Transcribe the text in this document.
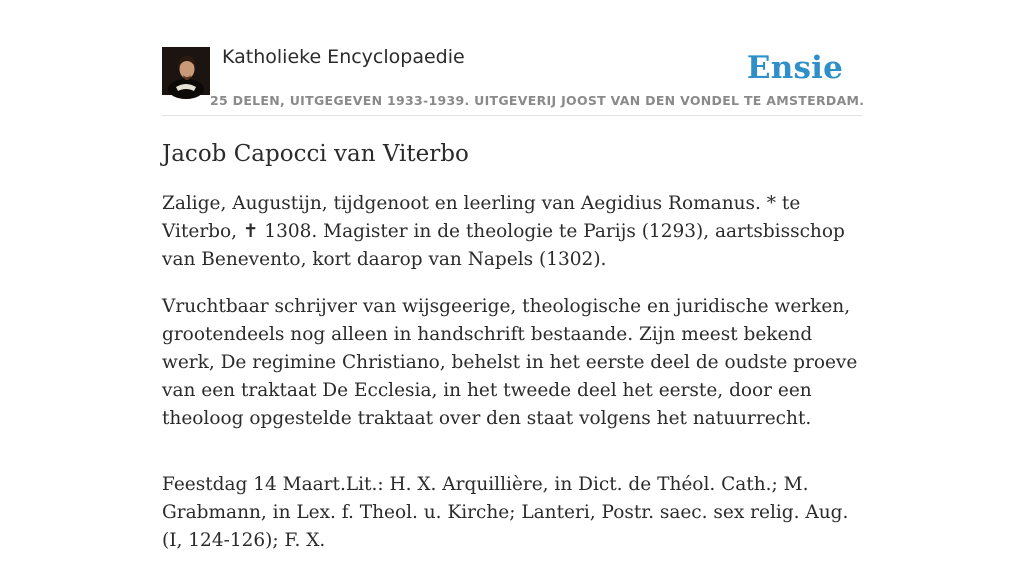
Katholieke Encyclopaedie	Ensie
25 DELEN, UITGEGEVEN 1933-1939. UITGEVERIJ JOOST VAN DEN VONDEL TE AMSTERDAM.
Jacob Capocci van Viterbo

Zalige, Augustijn, tijdgenoot en leerling van Aegidius Romanus. * te Viterbo, ✝ 1308. Magister in de theologie te Parijs (1293), aartsbisschop van Benevento, kort daarop van Napels (1302).

Vruchtbaar schrijver van wijsgeerige, theologische en juridische werken, grootendeels nog alleen in handschrift bestaande. Zijn meest bekend werk, De regimine Christiano, behelst in het eerste deel de oudste proeve van een traktaat De Ecclesia, in het tweede deel het eerste, door een theoloog opgestelde traktaat over den staat volgens het natuurrecht.

Feestdag 14 Maart.Lit.: H. X. Arquillière, in Dict. de Théol. Cath.; M. Grabmann, in Lex. f. Theol. u. Kirche; Lanteri, Postr. saec. sex relig. Aug. (I, 124-126); F. X.
